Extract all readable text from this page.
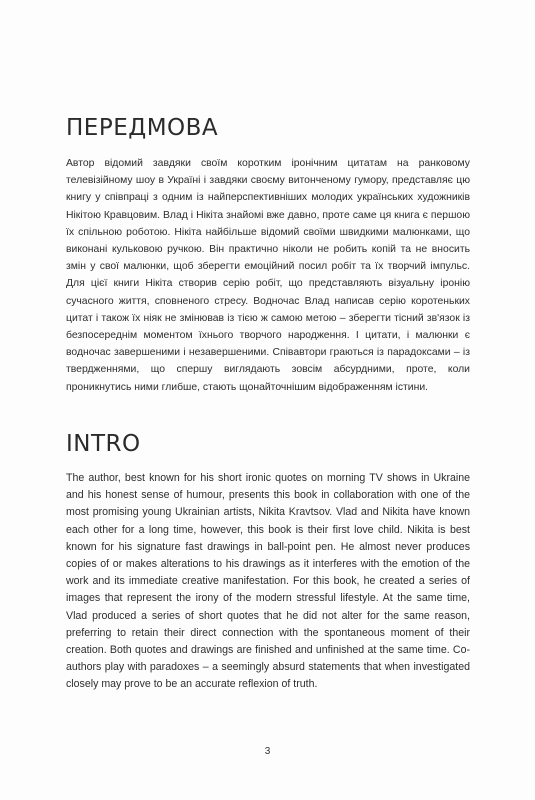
ПЕРЕДМОВА

Автор відомий завдяки своїм коротким іронічним цитатам на ранковому телевізійному шоу в Україні і завдяки своєму витонченому гумору, представляє цю книгу у співпраці з одним із найперспективніших молодих українських художників Нікітою Кравцовим. Влад і Нікіта знайомі вже давно, проте саме ця книга є першою їх спільною роботою. Нікіта найбільше відомий своїми швидкими малюнками, що виконані кульковою ручкою. Він практично ніколи не робить копій та не вносить змін у свої малюнки, щоб зберегти емоційний посил робіт та їх творчий імпульс. Для цієї книги Нікіта створив серію робіт, що представляють візуальну іронію сучасного життя, сповненого стресу. Водночас Влад написав серію коротеньких цитат і також їх ніяк не змінював із тією ж самою метою – зберегти тісний зв'язок із безпосереднім моментом їхнього творчого народження. І цитати, і малюнки є водночас завершеними і незавершеними. Співавтори граються із парадоксами – із твердженнями, що спершу виглядають зовсім абсурдними, проте, коли проникнутись ними глибше, стають щонайточнішим відображенням істини.

INTRO

The author, best known for his short ironic quotes on morning TV shows in Ukraine and his honest sense of humour, presents this book in collaboration with one of the most promising young Ukrainian artists, Nikita Kravtsov. Vlad and Nikita have known each other for a long time, however, this book is their first love child. Nikita is best known for his signature fast drawings in ball-point pen. He almost never produces copies of or makes alterations to his drawings as it interferes with the emotion of the work and its immediate creative manifestation. For this book, he created a series of images that represent the irony of the modern stressful lifestyle. At the same time, Vlad produced a series of short quotes that he did not alter for the same reason, preferring to retain their direct connection with the spontaneous moment of their creation. Both quotes and drawings are finished and unfinished at the same time. Co-authors play with paradoxes – a seemingly absurd statements that when investigated closely may prove to be an accurate reflexion of truth.

3
